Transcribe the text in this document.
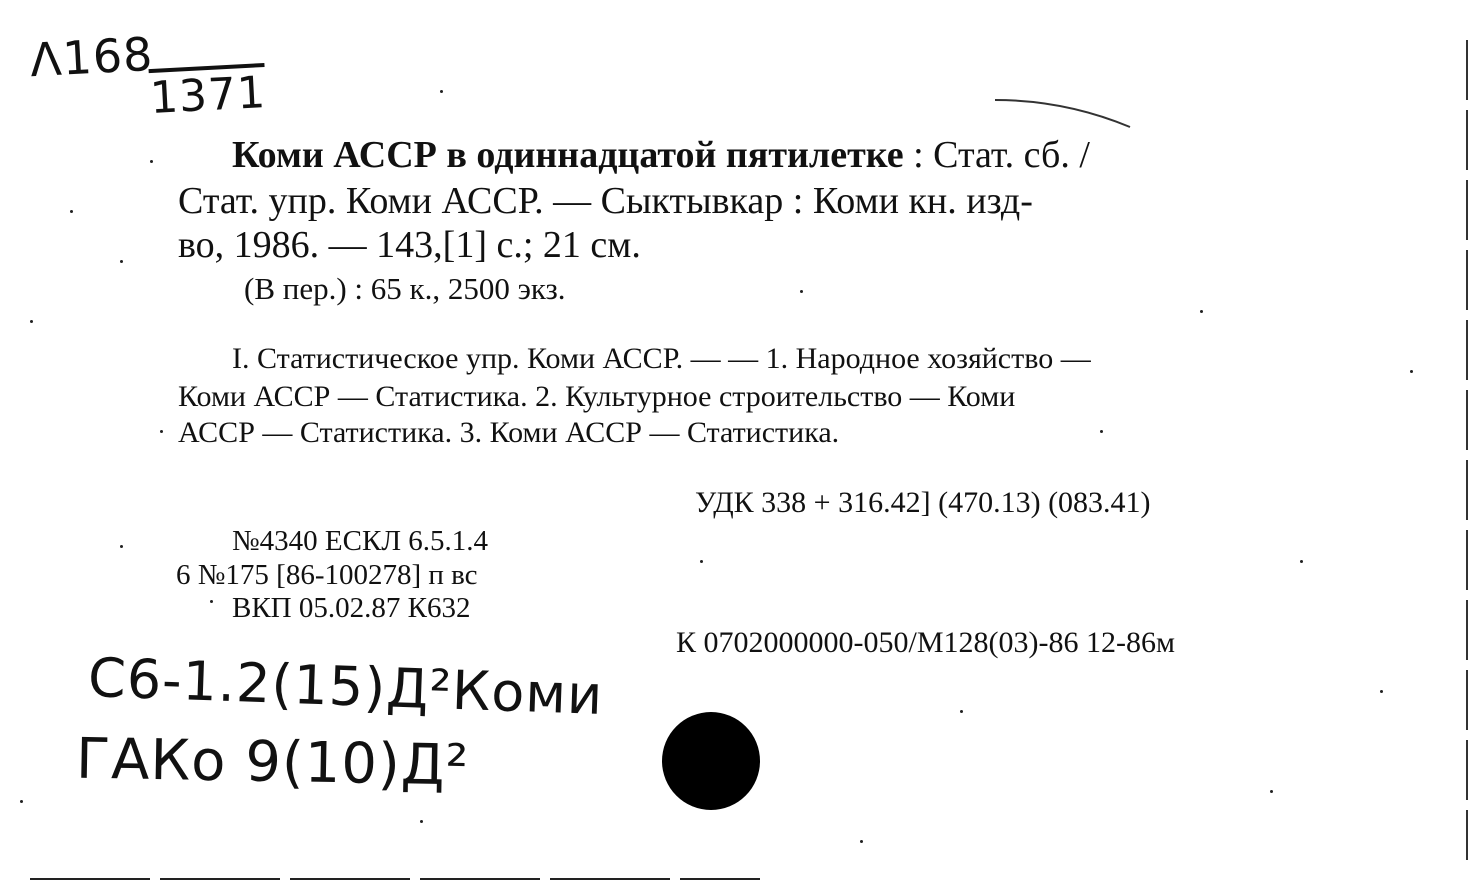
Λ168
1371
Коми АССР в одиннадцатой пятилетке : Стат. сб. /
Стат. упр. Коми АССР. — Сыктывкар : Коми кн. изд-
во, 1986. — 143,[1] с.; 21 см.
(В пер.) : 65 к., 2500 экз.
I. Статистическое упр. Коми АССР. — — 1. Народное хозяйство —
Коми АССР — Статистика. 2. Культурное строительство — Коми
АССР — Статистика. 3. Коми АССР — Статистика.
УДК 338 + 316.42] (470.13) (083.41)
№4340 ЕСКЛ 6.5.1.4
6 №175 [86-100278] п вс
ВКП 05.02.87 К632
К 0702000000-050/М128(03)-86 12-86м
C6-1.2(15)Д²Коми
ГАКо 9(10)Д²
